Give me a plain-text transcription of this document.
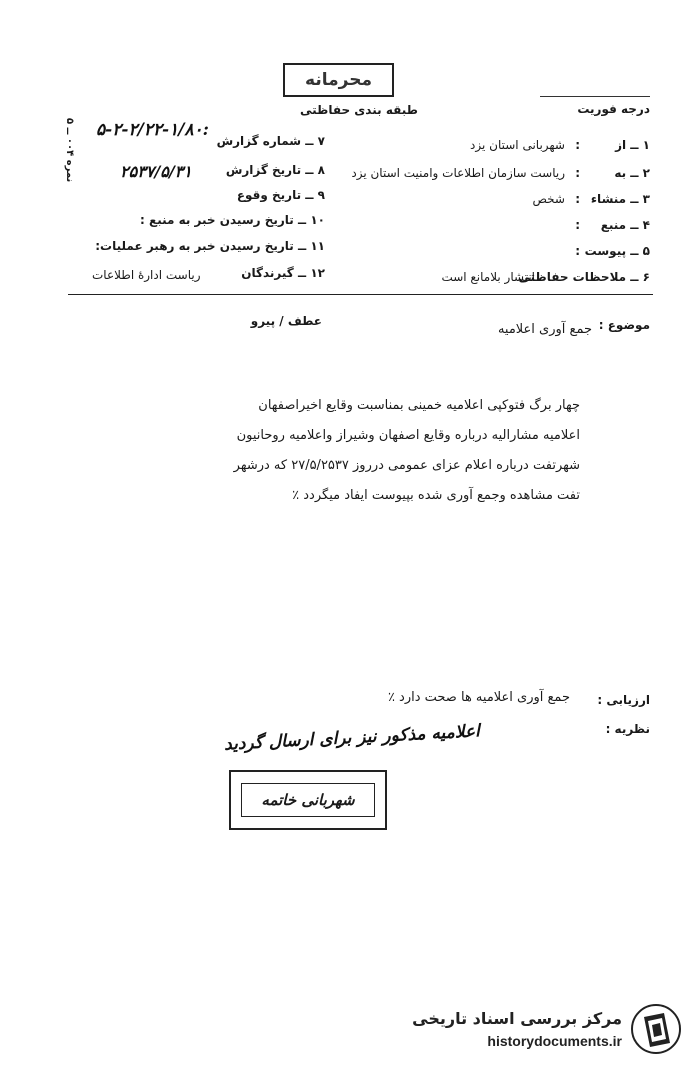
محرمانه
طبقه بندی حفاظتی	درجه فوریت
نمره ۰۰۴ ــ ۵
۱ ــ از
:
شهربانی استان یزد
۲ ــ به
:
ریاست سازمان اطلاعات وامنیت استان یزد
۳ ــ منشاء
:
شخص
۴ ــ منبع
:
۵ ــ پیوست
:
۶ ــ ملاحظات حفاظتی
انتشار بلامانع است
۷ ــ شماره گزارش
۵-۲-۲/۲۲-۱/۸۰:
۸ ــ تاریخ گزارش
۲۵۳۷/۵/۳۱
۹ ــ تاریخ وقوع
۱۰ ــ تاریخ رسیدن خبر به منبع :
۱۱ ــ تاریخ رسیدن خبر به رهبر عملیات:
۱۲ ــ گیرندگان
ریاست ادارۀ اطلاعات
عطف / پیرو	موضوع :
جمع آوری اعلامیه
چهار برگ فتوکپی اعلامیه خمینی بمناسبت وقایع اخیراصفهان
اعلامیه مشارالیه درباره وقایع اصفهان وشیراز واعلامیه روحانیون
شهرتفت درباره اعلام عزای عمومی درروز ۲۷/۵/۲۵۳۷ که درشهر
تفت مشاهده وجمع آوری شده بپیوست ایفاد میگردد ٪
ارزیابی :
جمع آوری اعلامیه ها صحت دارد ٪
نظریه :
اعلامیه مذکور نیز برای ارسال گردید
شهربانی خاتمه
مرکز بررسی اسناد تاریخی
historydocuments.ir
